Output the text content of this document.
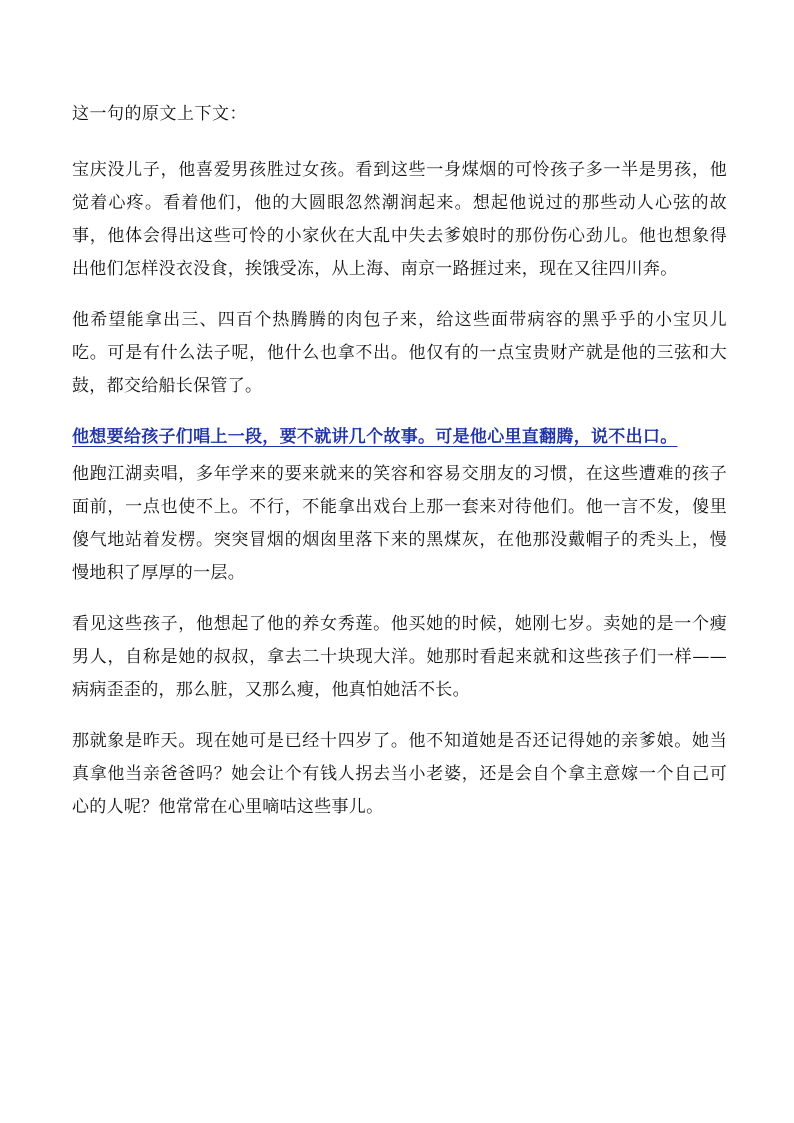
这一句的原文上下文：

宝庆没儿子，他喜爱男孩胜过女孩。看到这些一身煤烟的可怜孩子多一半是男孩，他觉着心疼。看着他们，他的大圆眼忽然潮润起来。想起他说过的那些动人心弦的故事，他体会得出这些可怜的小家伙在大乱中失去爹娘时的那份伤心劲儿。他也想象得出他们怎样没衣没食，挨饿受冻，从上海、南京一路捱过来，现在又往四川奔。

他希望能拿出三、四百个热腾腾的肉包子来，给这些面带病容的黑乎乎的小宝贝儿吃。可是有什么法子呢，他什么也拿不出。他仅有的一点宝贵财产就是他的三弦和大鼓，都交给船长保管了。

他想要给孩子们唱上一段，要不就讲几个故事。可是他心里直翻腾，说不出口。

他跑江湖卖唱，多年学来的要来就来的笑容和容易交朋友的习惯，在这些遭难的孩子面前，一点也使不上。不行，不能拿出戏台上那一套来对待他们。他一言不发，傻里傻气地站着发楞。突突冒烟的烟囱里落下来的黑煤灰，在他那没戴帽子的秃头上，慢慢地积了厚厚的一层。

看见这些孩子，他想起了他的养女秀莲。他买她的时候，她刚七岁。卖她的是一个瘦男人，自称是她的叔叔，拿去二十块现大洋。她那时看起来就和这些孩子们一样——病病歪歪的，那么脏，又那么瘦，他真怕她活不长。

那就象是昨天。现在她可是已经十四岁了。他不知道她是否还记得她的亲爹娘。她当真拿他当亲爸爸吗？她会让个有钱人拐去当小老婆，还是会自个拿主意嫁一个自己可心的人呢？他常常在心里嘀咕这些事儿。
